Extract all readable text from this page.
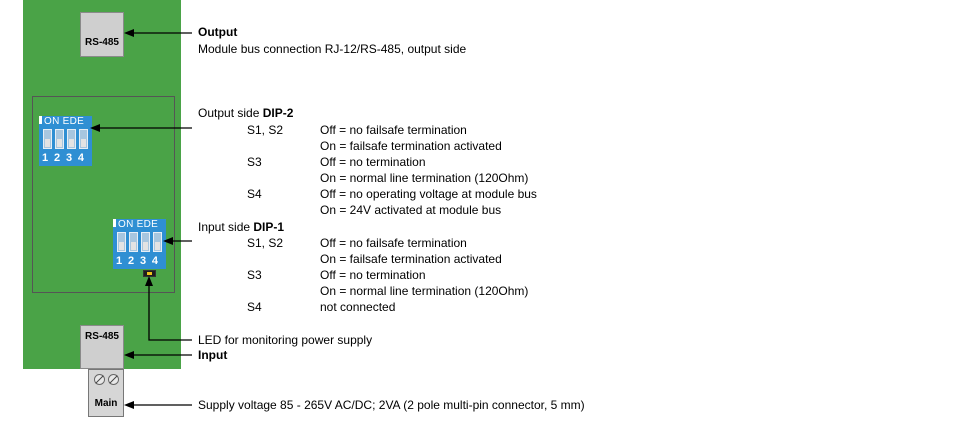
RS-485
ON EDE
1 2 3 4
ON EDE
1 2 3 4
RS-485
Main
Output
Module bus connection RJ-12/RS-485, output side
Output side DIP-2
S1, S2	Off = no failsafe termination
On = failsafe termination activated
S3	Off = no termination
On = normal line termination (120Ohm)
S4	Off = no operating voltage at module bus
On = 24V activated at module bus
Input side DIP-1
S1, S2	Off = no failsafe termination
On = failsafe termination activated
S3	Off = no termination
On = normal line termination (120Ohm)
S4	not connected
LED for monitoring power supply
Input
Supply voltage 85 - 265V AC/DC; 2VA (2 pole multi-pin connector, 5 mm)
